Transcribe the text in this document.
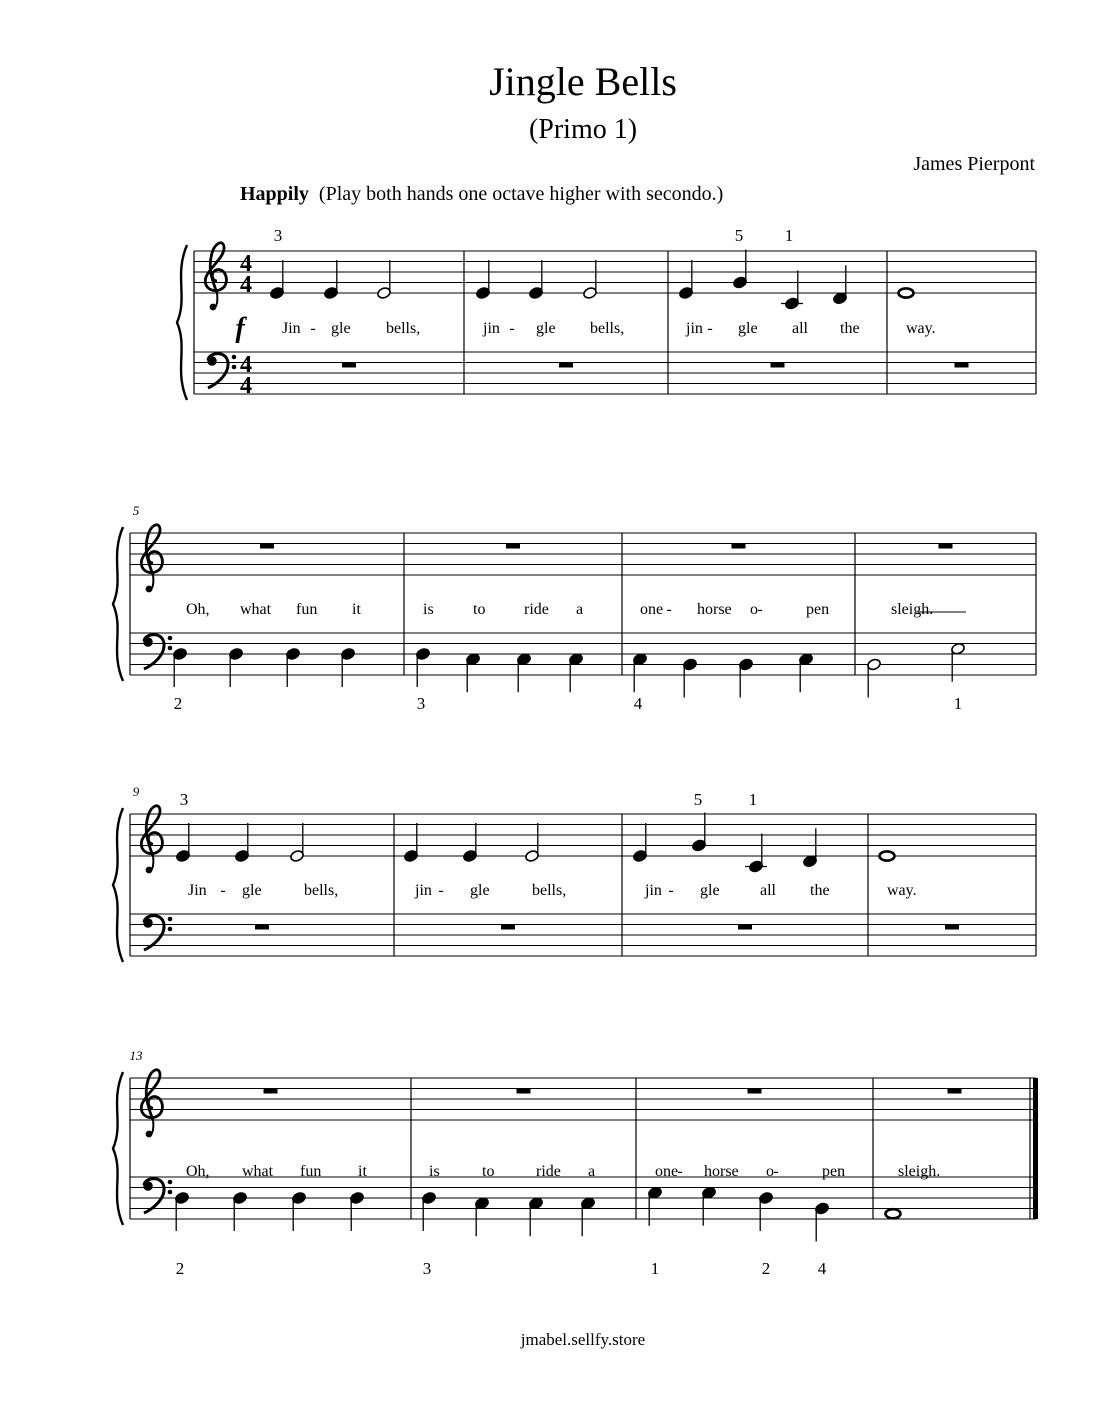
Jingle Bells
(Primo 1)
James Pierpont
Happily (Play both hands one octave higher with secondo.)
jmabel.sellfy.store
4
4
4
4
f Jin - gle bells,
3
jin - gle bells,	jin - gle all the
5 1
way.
5
Oh, what fun it
2
is to ride a
3
one - horse o -	pen
4
sleigh.
1
9
Jin - gle	bells,
3
jin - gle	bells,	jin - gle	all the
5	1
way.
13
Oh, what fun it
2
is	to	ride a
3
one - horse o -	pen
1	2	4
sleigh.
